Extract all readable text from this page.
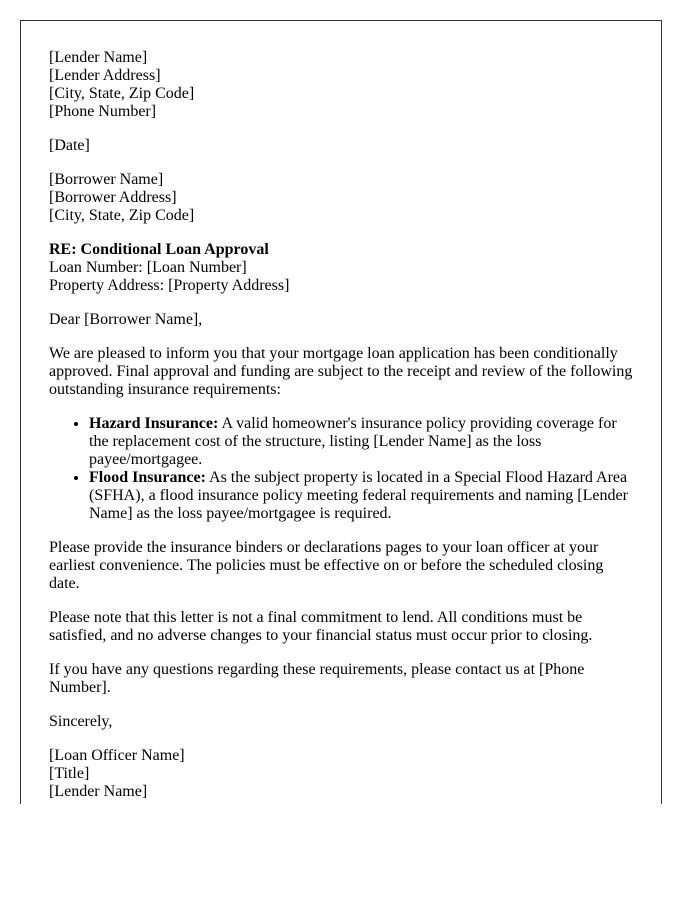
[Lender Name]
[Lender Address]
[City, State, Zip Code]
[Phone Number]

[Date]

[Borrower Name]
[Borrower Address]
[City, State, Zip Code]

RE: Conditional Loan Approval
Loan Number: [Loan Number]
Property Address: [Property Address]

Dear [Borrower Name],

We are pleased to inform you that your mortgage loan application has been conditionally approved. Final approval and funding are subject to the receipt and review of the following outstanding insurance requirements:

• Hazard Insurance: A valid homeowner's insurance policy providing coverage for the replacement cost of the structure, listing [Lender Name] as the loss payee/mortgagee.
• Flood Insurance: As the subject property is located in a Special Flood Hazard Area (SFHA), a flood insurance policy meeting federal requirements and naming [Lender Name] as the loss payee/mortgagee is required.

Please provide the insurance binders or declarations pages to your loan officer at your earliest convenience. The policies must be effective on or before the scheduled closing date.

Please note that this letter is not a final commitment to lend. All conditions must be satisfied, and no adverse changes to your financial status must occur prior to closing.

If you have any questions regarding these requirements, please contact us at [Phone Number].

Sincerely,

[Loan Officer Name]
[Title]
[Lender Name]
